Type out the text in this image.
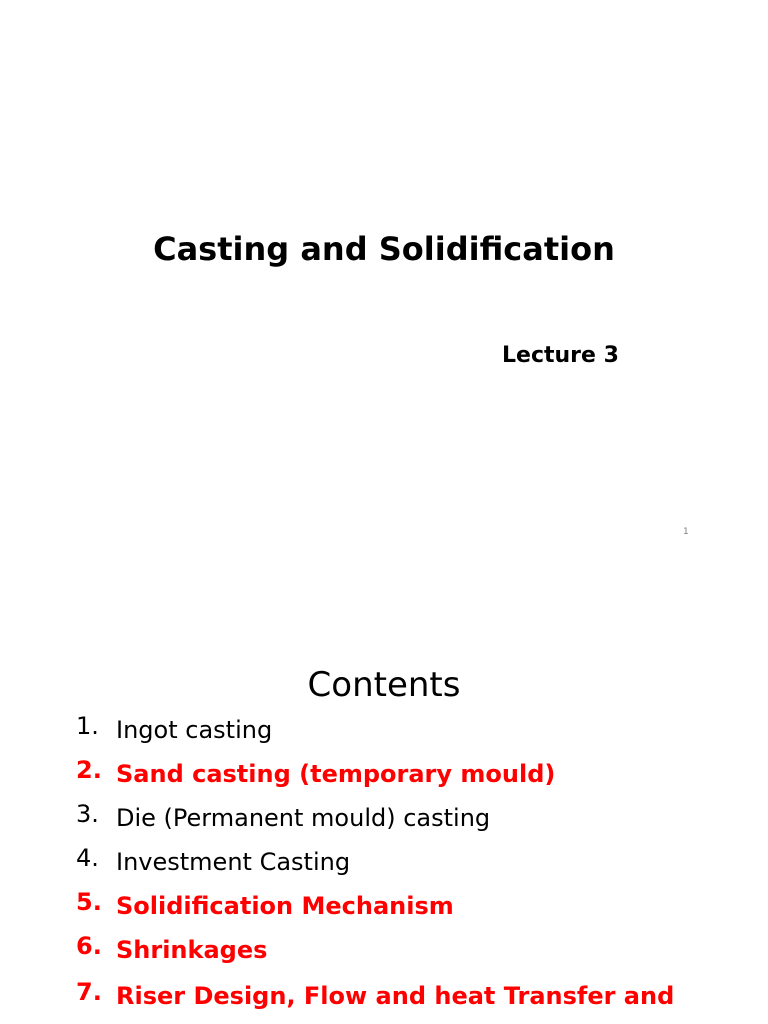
Casting and Solidification
Lecture 3
1
Contents
1. Ingot casting
2. Sand casting (temporary mould)
3. Die (Permanent mould) casting
4. Investment Casting
5. Solidification Mechanism
6. Shrinkages
7. Riser Design, Flow and heat Transfer and
